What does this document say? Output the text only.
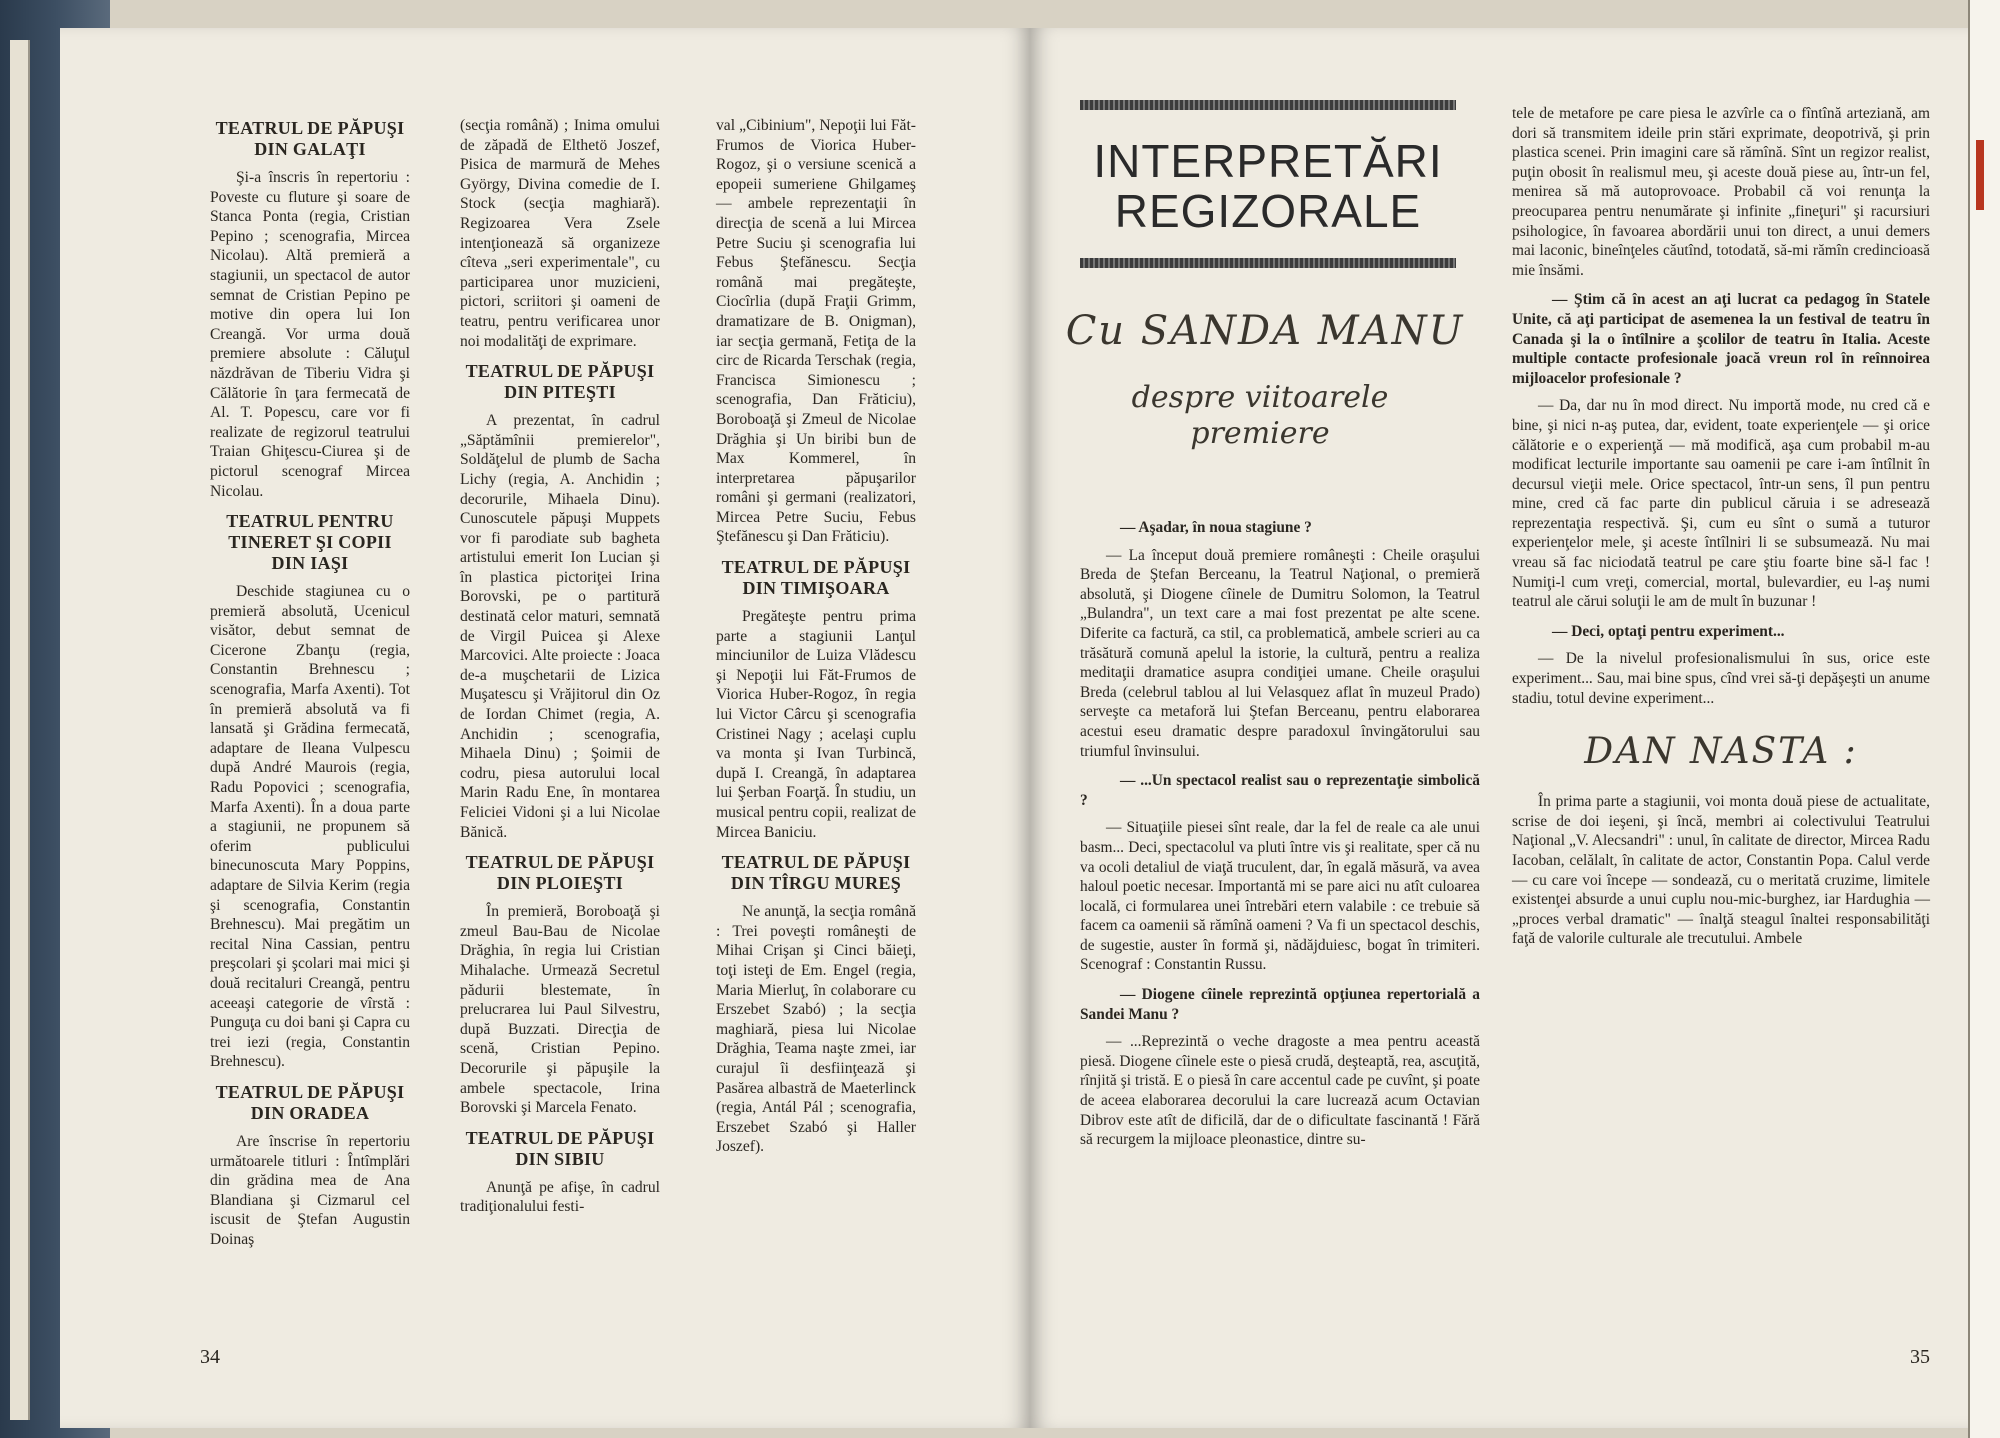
TEATRUL DE PĂPUŞI DIN GALAŢI

Şi-a înscris în repertoriu : Poveste cu fluture şi soare de Stanca Ponta (regia, Cristian Pepino ; scenografia, Mircea Nicolau). Altă premieră a stagiunii, un spectacol de autor semnat de Cristian Pepino pe motive din opera lui Ion Creangă. Vor urma două premiere absolute : Căluţul năzdrăvan de Tiberiu Vidra şi Călătorie în ţara fermecată de Al. T. Popescu, care vor fi realizate de regizorul teatrului Traian Ghiţescu-Ciurea şi de pictorul scenograf Mircea Nicolau.

TEATRUL PENTRU TINERET ŞI COPII DIN IAŞI

Deschide stagiunea cu o premieră absolută, Ucenicul visător, debut semnat de Cicerone Zbanţu (regia, Constantin Brehnescu ; scenografia, Marfa Axenti). Tot în premieră absolută va fi lansată şi Grădina fermecată, adaptare de Ileana Vulpescu după André Maurois (regia, Radu Popovici ; scenografia, Marfa Axenti). În a doua parte a stagiunii, ne propunem să oferim publicului binecunoscuta Mary Poppins, adaptare de Silvia Kerim (regia şi scenografia, Constantin Brehnescu). Mai pregătim un recital Nina Cassian, pentru preşcolari şi şcolari mai mici şi două recitaluri Creangă, pentru aceeaşi categorie de vîrstă : Punguţa cu doi bani şi Capra cu trei iezi (regia, Constantin Brehnescu).

TEATRUL DE PĂPUŞI DIN ORADEA

Are înscrise în repertoriu următoarele titluri : Întîmplări din grădina mea de Ana Blandiana şi Cizmarul cel iscusit de Ştefan Augustin Doinaş

(secţia română) ; Inima omului de zăpadă de Elthetö Joszef, Pisica de marmură de Mehes György, Divina comedie de I. Stock (secţia maghiară). Regizoarea Vera Zsele intenţionează să organizeze cîteva „seri experimentale", cu participarea unor muzicieni, pictori, scriitori şi oameni de teatru, pentru verificarea unor noi modalităţi de exprimare.

TEATRUL DE PĂPUŞI DIN PITEŞTI

A prezentat, în cadrul „Săptămînii premierelor", Soldăţelul de plumb de Sacha Lichy (regia, A. Anchidin ; decorurile, Mihaela Dinu). Cunoscutele păpuşi Muppets vor fi parodiate sub bagheta artistului emerit Ion Lucian şi în plastica pictoriţei Irina Borovski, pe o partitură destinată celor maturi, semnată de Virgil Puicea şi Alexe Marcovici. Alte proiecte : Joaca de-a muşchetarii de Lizica Muşatescu şi Vrăjitorul din Oz de Iordan Chimet (regia, A. Anchidin ; scenografia, Mihaela Dinu) ; Şoimii de codru, piesa autorului local Marin Radu Ene, în montarea Feliciei Vidoni şi a lui Nicolae Bănică.

TEATRUL DE PĂPUŞI DIN PLOIEŞTI

În premieră, Boroboaţă şi zmeul Bau-Bau de Nicolae Drăghia, în regia lui Cristian Mihalache. Urmează Secretul pădurii blestemate, în prelucrarea lui Paul Silvestru, după Buzzati. Direcţia de scenă, Cristian Pepino. Decorurile şi păpuşile la ambele spectacole, Irina Borovski şi Marcela Fenato.

TEATRUL DE PĂPUŞI DIN SIBIU

Anunţă pe afişe, în cadrul tradiţionalului festi-

val „Cibinium", Nepoţii lui Făt-Frumos de Viorica Huber-Rogoz, şi o versiune scenică a epopeii sumeriene Ghilgameş — ambele reprezentaţii în direcţia de scenă a lui Mircea Petre Suciu şi scenografia lui Febus Ştefănescu. Secţia română mai pregăteşte, Ciocîrlia (după Fraţii Grimm, dramatizare de B. Onigman), iar secţia germană, Fetiţa de la circ de Ricarda Terschak (regia, Francisca Simionescu ; scenografia, Dan Frăticiu), Boroboaţă şi Zmeul de Nicolae Drăghia şi Un biribi bun de Max Kommerel, în interpretarea păpuşarilor români şi germani (realizatori, Mircea Petre Suciu, Febus Ştefănescu şi Dan Frăticiu).

TEATRUL DE PĂPUŞI DIN TIMIŞOARA

Pregăteşte pentru prima parte a stagiunii Lanţul minciunilor de Luiza Vlădescu şi Nepoţii lui Făt-Frumos de Viorica Huber-Rogoz, în regia lui Victor Cârcu şi scenografia Cristinei Nagy ; acelaşi cuplu va monta şi Ivan Turbincă, după I. Creangă, în adaptarea lui Şerban Foarţă. În studiu, un musical pentru copii, realizat de Mircea Baniciu.

TEATRUL DE PĂPUŞI DIN TÎRGU MUREŞ

Ne anunţă, la secţia română : Trei poveşti româneşti de Mihai Crişan şi Cinci băieţi, toţi isteţi de Em. Engel (regia, Maria Mierluţ, în colaborare cu Erszebet Szabó) ; la secţia maghiară, piesa lui Nicolae Drăghia, Teama naşte zmei, iar curajul îi desfiinţează şi Pasărea albastră de Maeterlinck (regia, Antál Pál ; scenografia, Erszebet Szabó şi Haller Joszef).

34
INTERPRETĂRI REGIZORALE
Cu SANDA MANU
despre viitoarele premiere

— Aşadar, în noua stagiune ?

— La început două premiere româneşti : Cheile oraşului Breda de Ştefan Berceanu, la Teatrul Naţional, o premieră absolută, şi Diogene cîinele de Dumitru Solomon, la Teatrul „Bulandra", un text care a mai fost prezentat pe alte scene. Diferite ca factură, ca stil, ca problematică, ambele scrieri au ca trăsătură comună apelul la istorie, la cultură, pentru a realiza meditaţii dramatice asupra condiţiei umane. Cheile oraşului Breda (celebrul tablou al lui Velasquez aflat în muzeul Prado) serveşte ca metaforă lui Ştefan Berceanu, pentru elaborarea acestui eseu dramatic despre paradoxul învingătorului sau triumful învinsului.

— ...Un spectacol realist sau o reprezentaţie simbolică ?

— Situaţiile piesei sînt reale, dar la fel de reale ca ale unui basm... Deci, spectacolul va pluti între vis şi realitate, sper că nu va ocoli detaliul de viaţă truculent, dar, în egală măsură, va avea haloul poetic necesar. Importantă mi se pare aici nu atît culoarea locală, ci formularea unei întrebări etern valabile : ce trebuie să facem ca oamenii să rămînă oameni ? Va fi un spectacol deschis, de sugestie, auster în formă şi, nădăjduiesc, bogat în trimiteri. Scenograf : Constantin Russu.

— Diogene cîinele reprezintă opţiunea repertorială a Sandei Manu ?

— ...Reprezintă o veche dragoste a mea pentru această piesă. Diogene cîinele este o piesă crudă, deşteaptă, rea, ascuţită, rînjită şi tristă. E o piesă în care accentul cade pe cuvînt, şi poate de aceea elaborarea decorului la care lucrează acum Octavian Dibrov este atît de dificilă, dar de o dificultate fascinantă ! Fără să recurgem la mijloace pleonastice, dintre su-

tele de metafore pe care piesa le azvîrle ca o fîntînă arteziană, am dori să transmitem ideile prin stări exprimate, deopotrivă, şi prin plastica scenei. Prin imagini care să rămînă. Sînt un regizor realist, puţin obosit în realismul meu, şi aceste două piese au, într-un fel, menirea să mă autoprovoace. Probabil că voi renunţa la preocuparea pentru nenumărate şi infinite „fineţuri" şi racursiuri psihologice, în favoarea abordării unui ton direct, a unui demers mai laconic, bineînţeles căutînd, totodată, să-mi rămîn credincioasă mie însămi.

— Ştim că în acest an aţi lucrat ca pedagog în Statele Unite, că aţi participat de asemenea la un festival de teatru în Canada şi la o întîlnire a şcolilor de teatru în Italia. Aceste multiple contacte profesionale joacă vreun rol în reînnoirea mijloacelor profesionale ?

— Da, dar nu în mod direct. Nu importă mode, nu cred că e bine, şi nici n-aş putea, dar, evident, toate experienţele — şi orice călătorie e o experienţă — mă modifică, aşa cum probabil m-au modificat lecturile importante sau oamenii pe care i-am întîlnit în decursul vieţii mele. Orice spectacol, într-un sens, îl pun pentru mine, cred că fac parte din publicul căruia i se adresează reprezentaţia respectivă. Şi, cum eu sînt o sumă a tuturor experienţelor mele, şi aceste întîlniri li se subsumează. Nu mai vreau să fac niciodată teatrul pe care ştiu foarte bine să-l fac ! Numiţi-l cum vreţi, comercial, mortal, bulevardier, eu l-aş numi teatrul ale cărui soluţii le am de mult în buzunar !

— Deci, optaţi pentru experiment...

— De la nivelul profesionalismului în sus, orice este experiment... Sau, mai bine spus, cînd vrei să-ţi depăşeşti un anume stadiu, totul devine experiment...

DAN NASTA :

În prima parte a stagiunii, voi monta două piese de actualitate, scrise de doi ieşeni, şi încă, membri ai colectivului Teatrului Naţional „V. Alecsandri" : unul, în calitate de director, Mircea Radu Iacoban, celălalt, în calitate de actor, Constantin Popa. Calul verde — cu care voi începe — sondează, cu o meritată cruzime, limitele existenţei absurde a unui cuplu nou-mic-burghez, iar Hardughia — „proces verbal dramatic" — înalţă steagul înaltei responsabilităţi faţă de valorile culturale ale trecutului. Ambele

35
